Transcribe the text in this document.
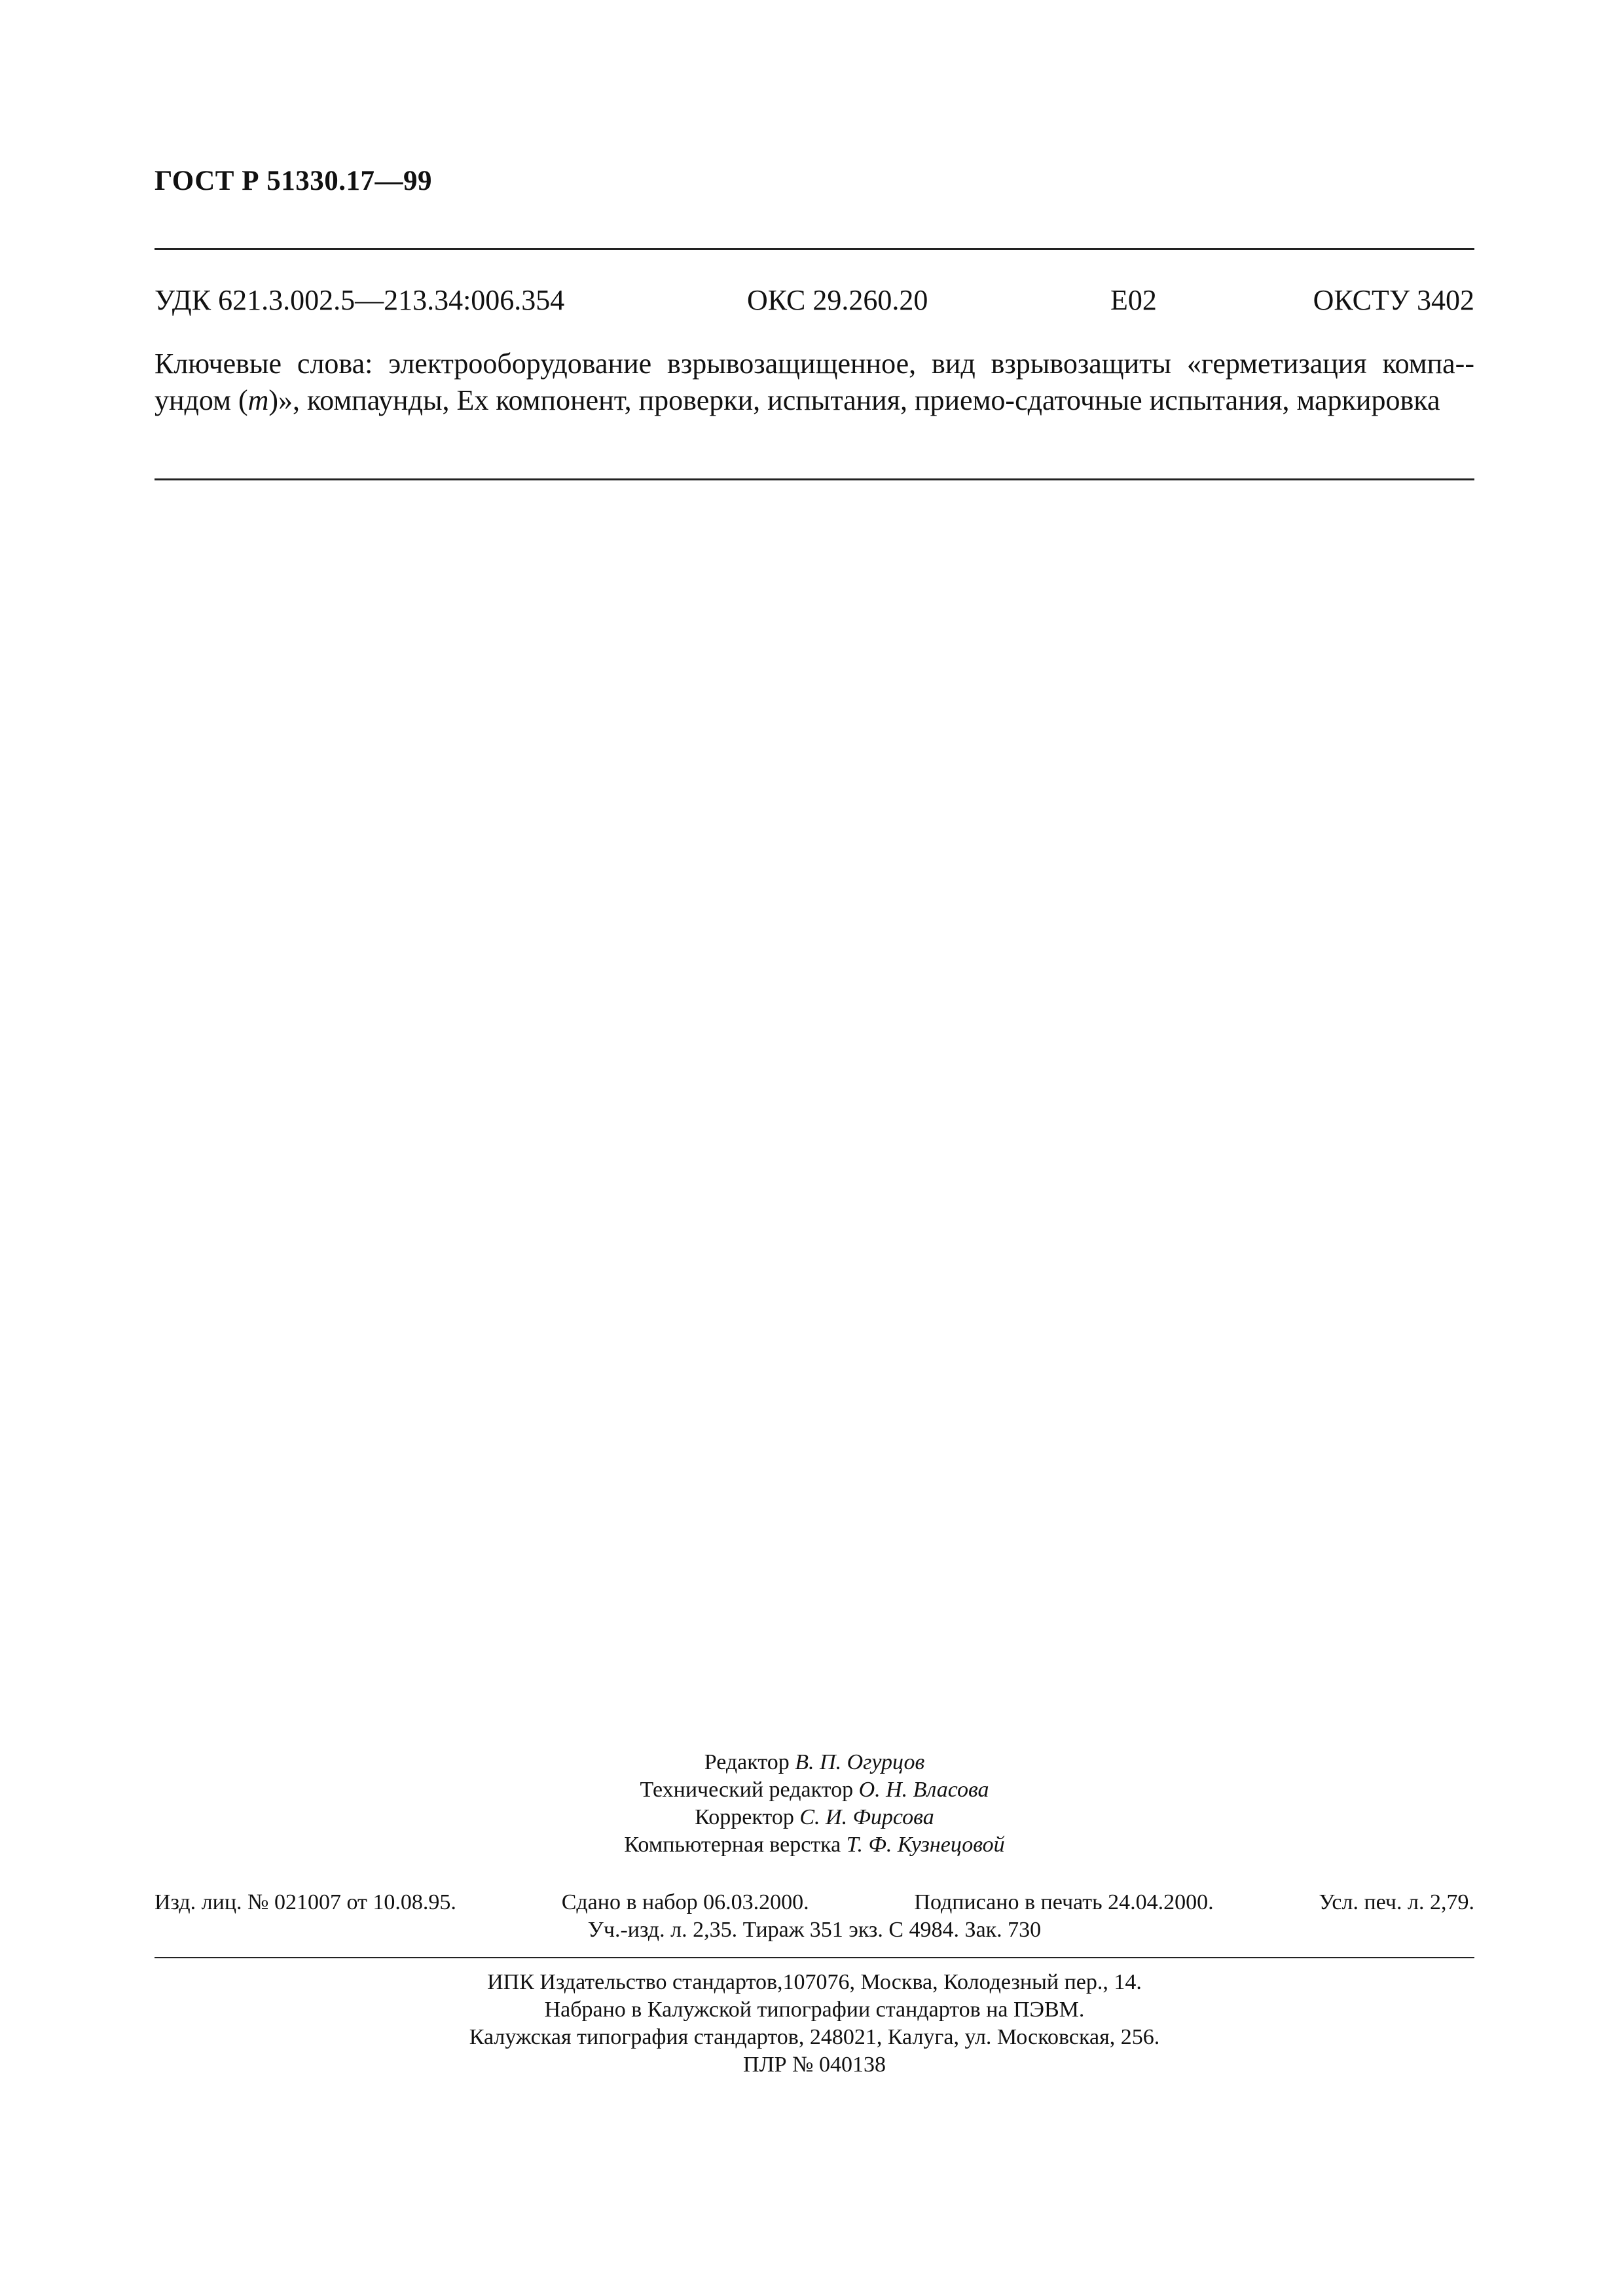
ГОСТ Р 51330.17—99
УДК 621.3.002.5—213.34:006.354	ОКС 29.260.20	Е02	ОКСТУ 3402
Ключевые слова: электрооборудование взрывозащищенное, вид взрывозащиты «герметизация компа-ундом (m)», компаунды, Ex компонент, проверки, испытания, приемо-сдаточные испытания, маркировка
Редактор В. П. Огурцов
Технический редактор О. Н. Власова
Корректор С. И. Фирсова
Компьютерная верстка Т. Ф. Кузнецовой
Изд. лиц. № 021007 от 10.08.95.	Сдано в набор 06.03.2000.	Подписано в печать 24.04.2000.	Усл. печ. л. 2,79.
Уч.-изд. л. 2,35. Тираж 351 экз. С 4984. Зак. 730
ИПК Издательство стандартов,107076, Москва, Колодезный пер., 14.
Набрано в Калужской типографии стандартов на ПЭВМ.
Калужская типография стандартов, 248021, Калуга, ул. Московская, 256.
ПЛР № 040138
